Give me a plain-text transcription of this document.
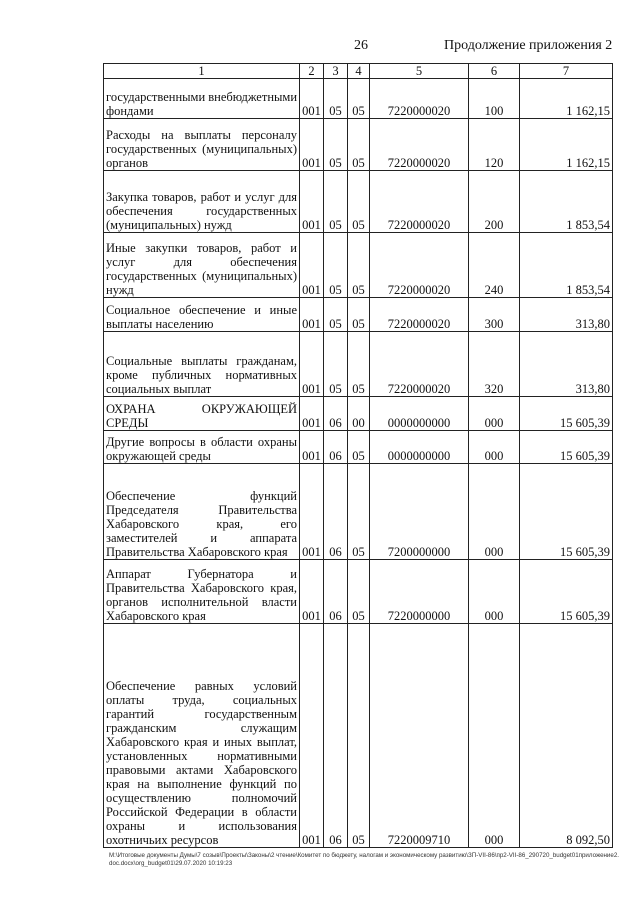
26	Продолжение приложения 2
1	2	3	4	5	6	7
государственными внебюджетными фондами	001	05	05	7220000020	100	1 162,15
Расходы на выплаты персоналу государственных (муниципальных) органов	001	05	05	7220000020	120	1 162,15
Закупка товаров, работ и услуг для обеспечения государственных (муниципальных) нужд	001	05	05	7220000020	200	1 853,54
Иные закупки товаров, работ и услуг для обеспечения государственных (муниципальных) нужд	001	05	05	7220000020	240	1 853,54
Социальное обеспечение и иные выплаты населению	001	05	05	7220000020	300	313,80
Социальные выплаты гражданам, кроме публичных нормативных социальных выплат	001	05	05	7220000020	320	313,80
ОХРАНА ОКРУЖАЮЩЕЙ СРЕДЫ	001	06	00	0000000000	000	15 605,39
Другие вопросы в области охраны окружающей среды	001	06	05	0000000000	000	15 605,39
Обеспечение функций Председателя Правительства Хабаровского края, его заместителей и аппарата Правительства Хабаровского края	001	06	05	7200000000	000	15 605,39
Аппарат Губернатора и Правительства Хабаровского края, органов исполнительной власти Хабаровского края	001	06	05	7220000000	000	15 605,39
Обеспечение равных условий оплаты труда, социальных гарантий государственным гражданским служащим Хабаровского края и иных выплат, установленных нормативными правовыми актами Хабаровского края на выполнение функций по осуществлению полномочий Российской Федерации в области охраны и использования охотничьих ресурсов	001	06	05	7220009710	000	8 092,50
M:\Итоговые документы Думы\7 созыв\Проекты\Законы\2 чтение\Комитет по бюджету, налогам и экономическому развитию\ЗП-VII-86\пр2-VII-86_290720_budget01приложение2.doc.docx\org_budget01\29.07.2020 10:19:23
